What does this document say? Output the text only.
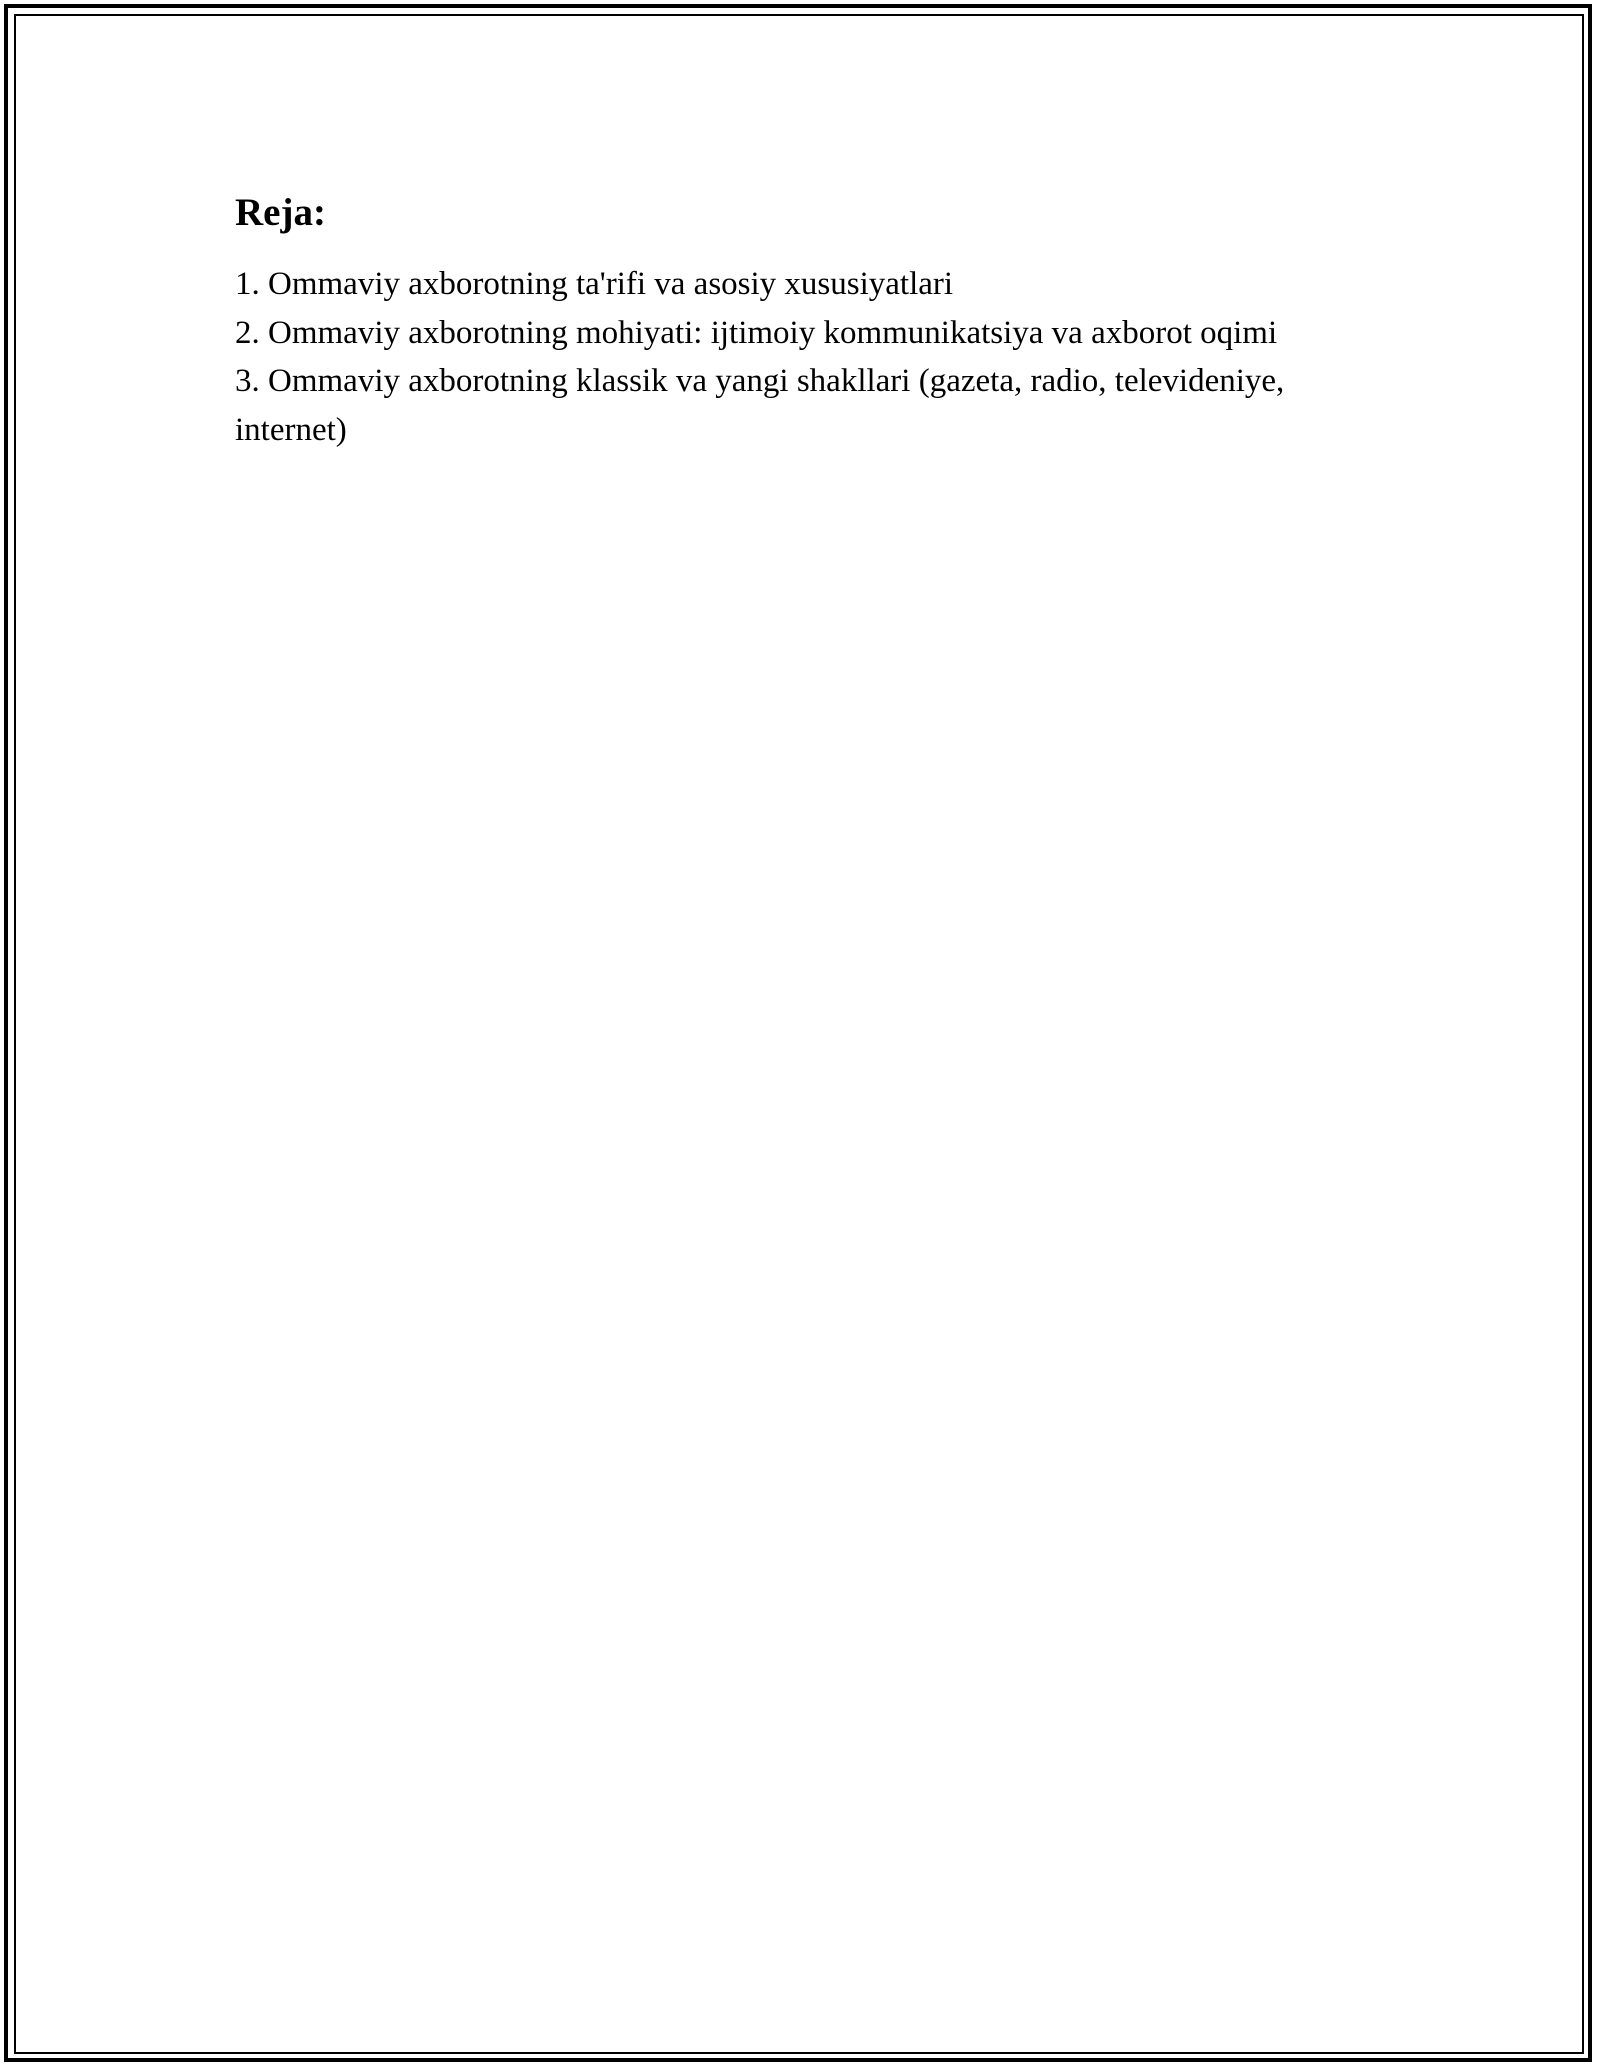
Reja:
1. Ommaviy axborotning ta'rifi va asosiy xususiyatlari
2. Ommaviy axborotning mohiyati: ijtimoiy kommunikatsiya va axborot oqimi
3. Ommaviy axborotning klassik va yangi shakllari (gazeta, radio, televideniye, internet)
